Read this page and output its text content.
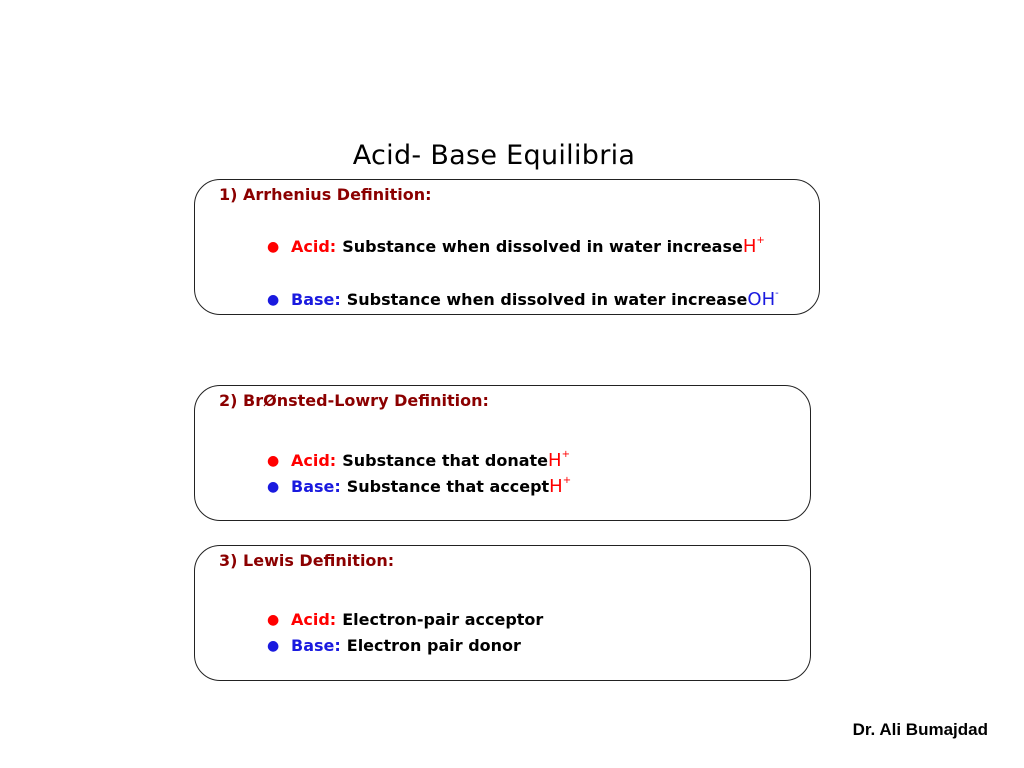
Acid- Base Equilibria
1) Arrhenius Definition:
● Acid: Substance when dissolved in water increaseH+
● Base: Substance when dissolved in water increaseOH-
2) BrØnsted-Lowry Definition:
● Acid: Substance that donateH+
● Base: Substance that acceptH+
3) Lewis Definition:
● Acid: Electron-pair acceptor
● Base: Electron pair donor
Dr. Ali Bumajdad
